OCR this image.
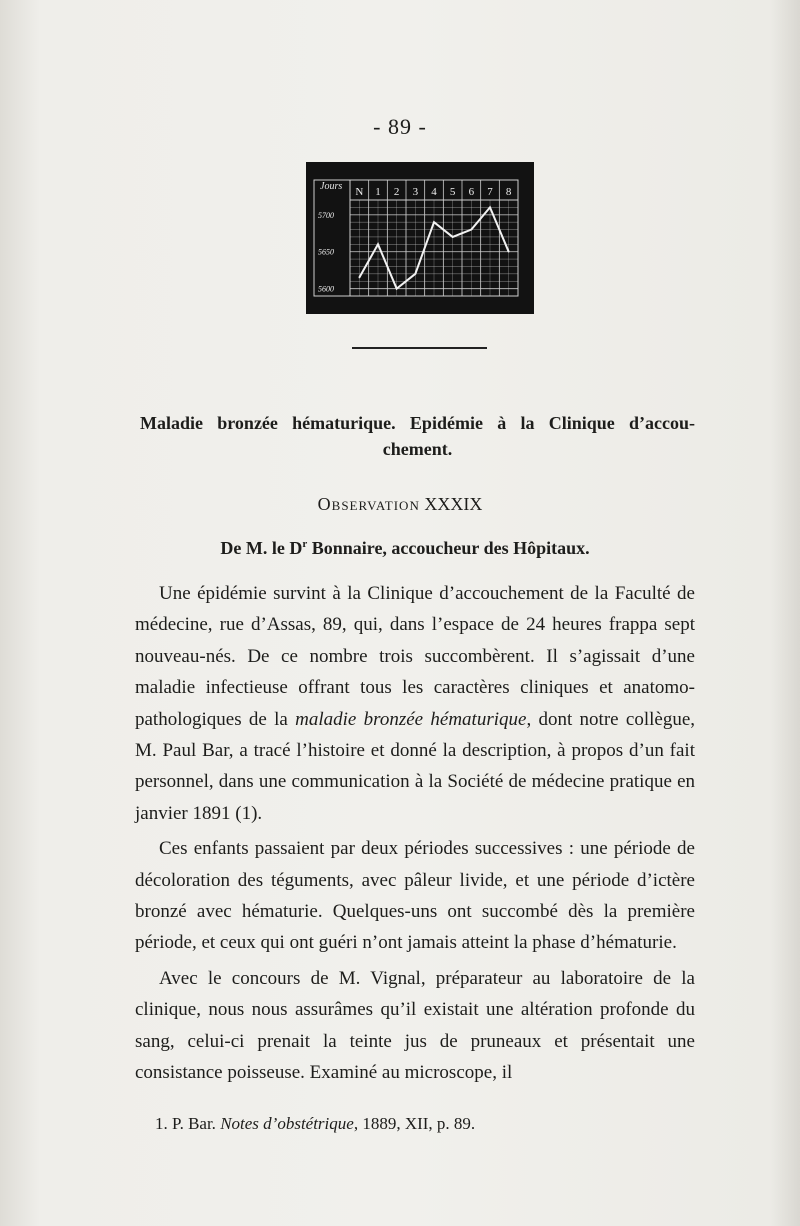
- 89 -
Jours N 1 2 3 4 5 6 7 8
5700
5650
5600
Maladie bronzée hématurique. Epidémie à la Clinique d’accou-
chement.
Observation XXXIX
De M. le $D^r$ Bonnaire, accoucheur des Hôpitaux.

Une épidémie survint à la Clinique d’accouchement de la Faculté de médecine, rue d’Assas, 89, qui, dans l’espace de 24 heures frappa sept nouveau-nés. De ce nombre trois succombèrent. Il s’agissait d’une maladie infectieuse offrant tous les caractères cliniques et anatomo-pathologiques de la maladie bronzée hématurique, dont notre collègue, M. Paul Bar, a tracé l’histoire et donné la description, à propos d’un fait personnel, dans une communication à la Société de médecine pratique en janvier 1891 (1).

Ces enfants passaient par deux périodes successives : une période de décoloration des téguments, avec pâleur livide, et une période d’ictère bronzé avec hématurie. Quelques-uns ont succombé dès la première période, et ceux qui ont guéri n’ont jamais atteint la phase d’hématurie.

Avec le concours de M. Vignal, préparateur au laboratoire de la clinique, nous nous assurâmes qu’il existait une altération profonde du sang, celui-ci prenait la teinte jus de pruneaux et présentait une consistance poisseuse. Examiné au microscope, il

1. P. Bar. Notes d’obstétrique, 1889, XII, p. 89.
